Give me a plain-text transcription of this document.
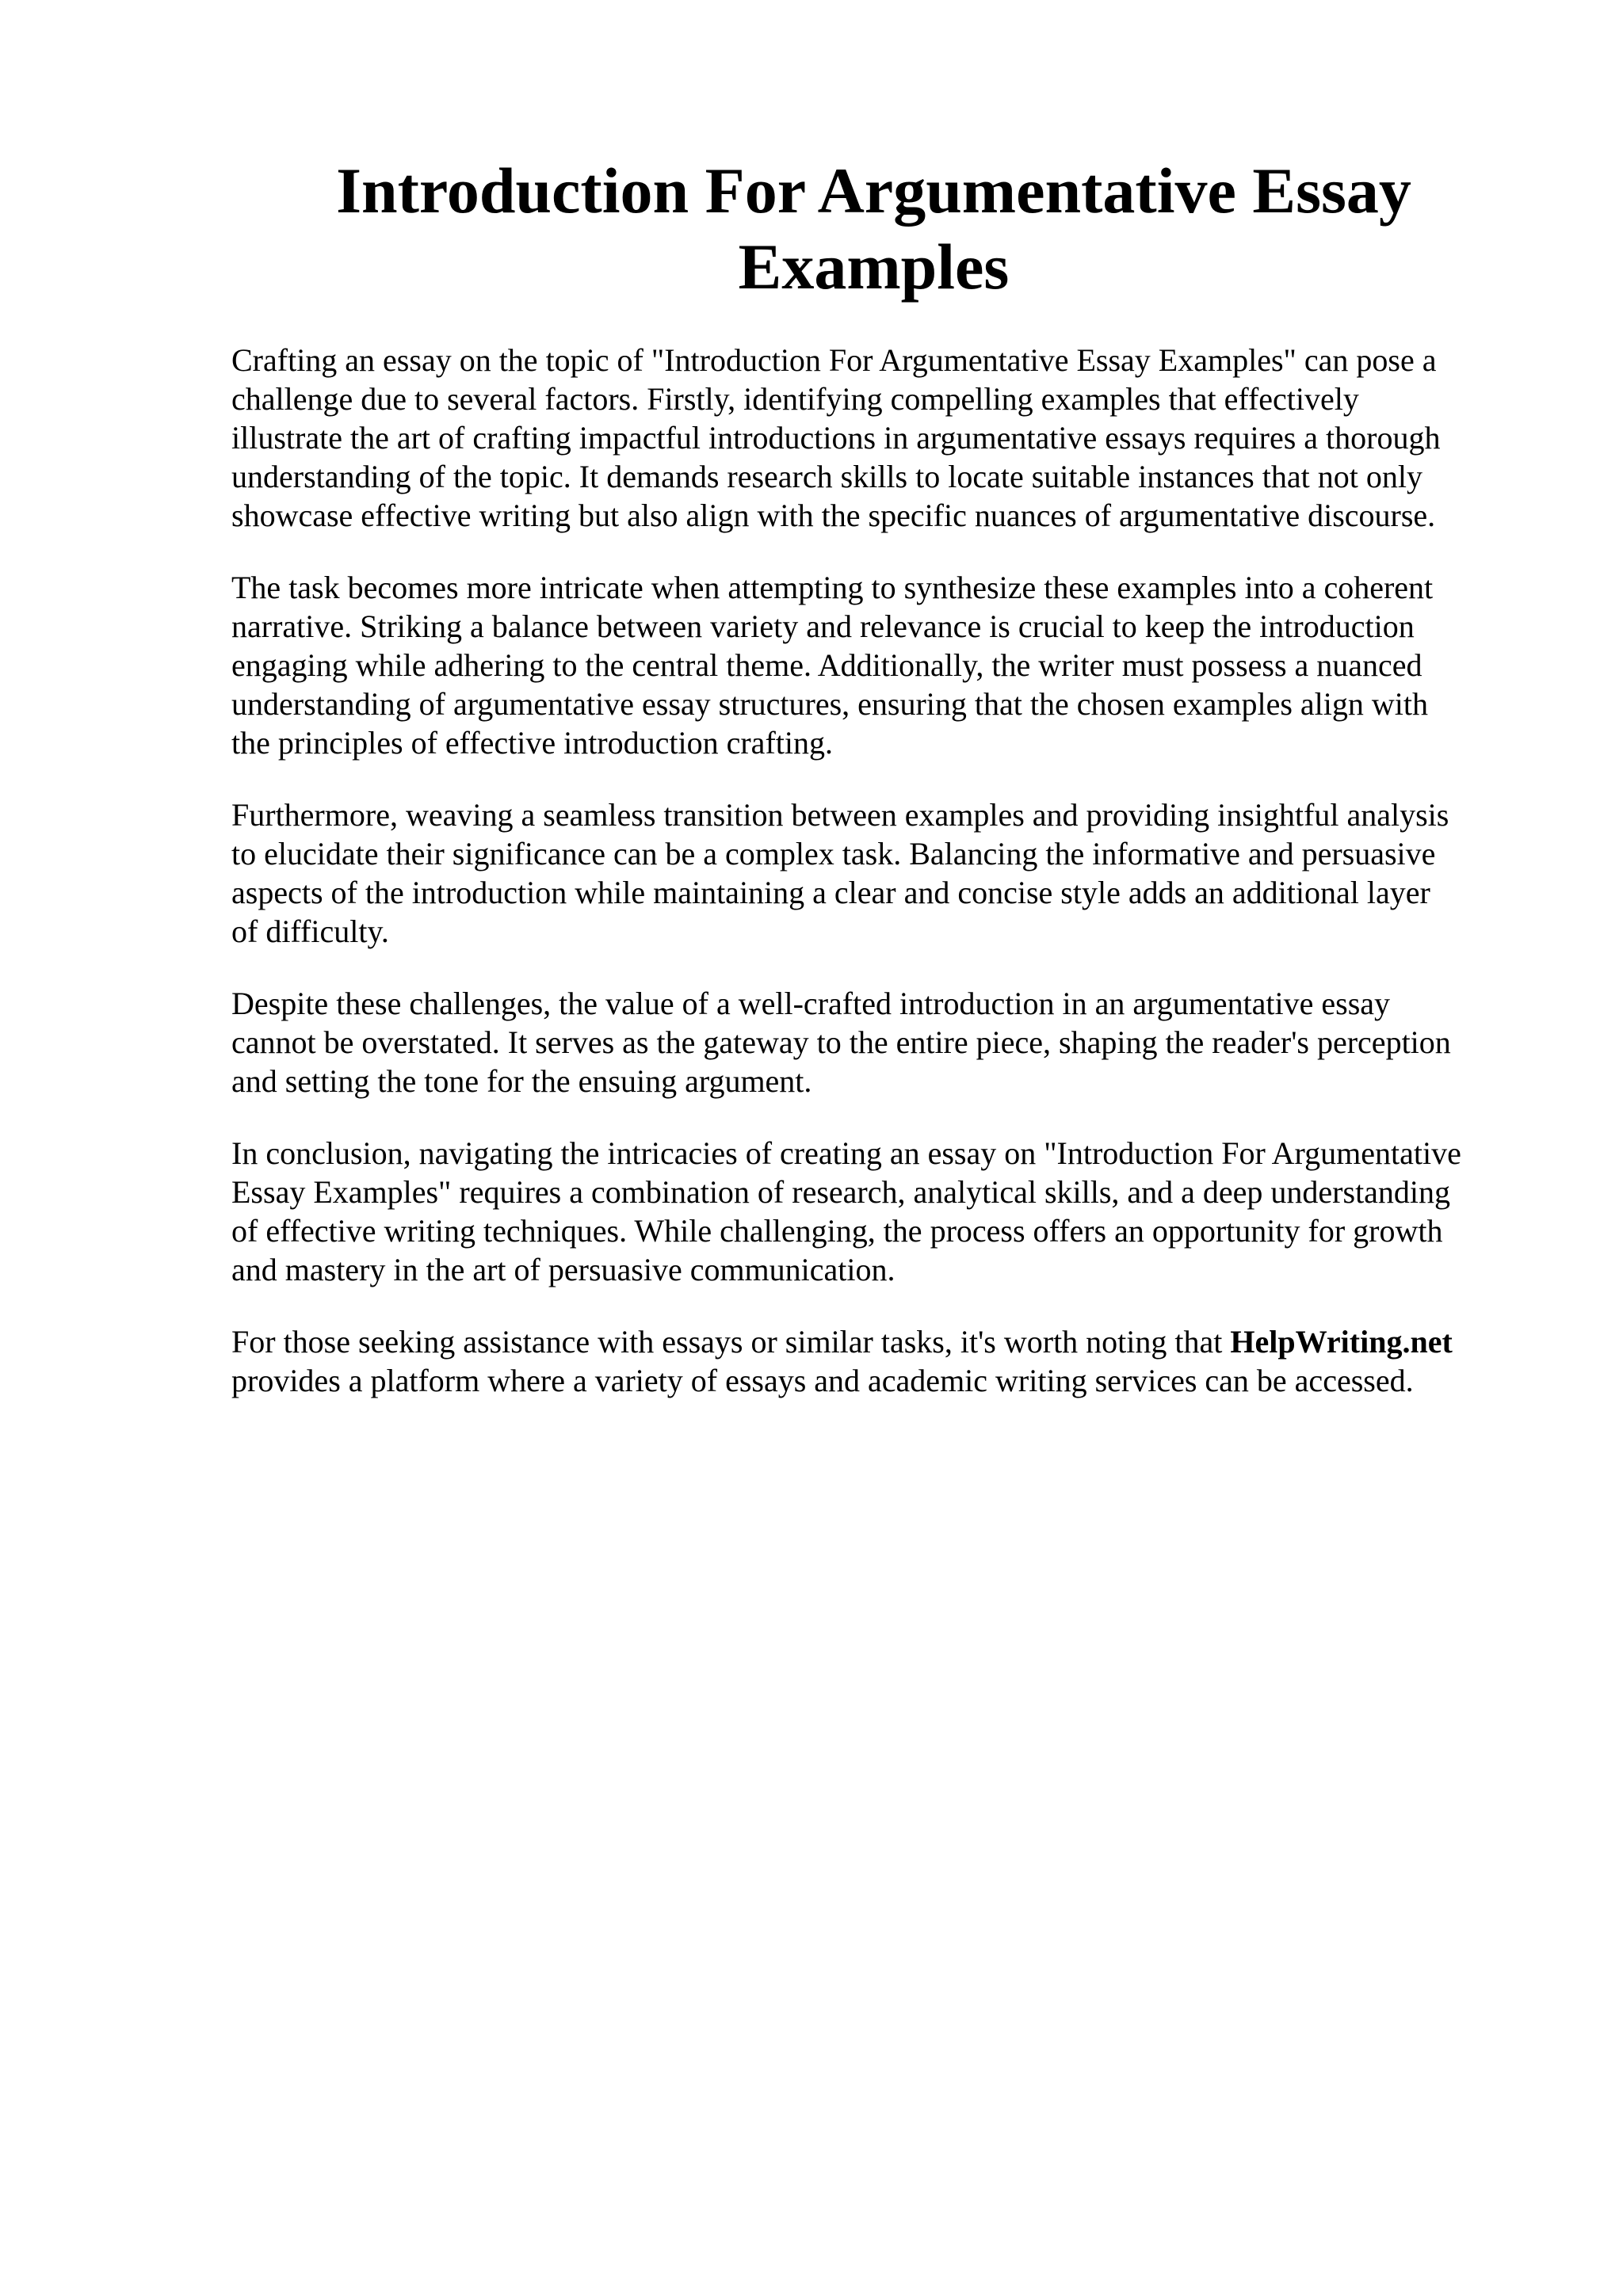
Introduction For Argumentative Essay
Examples

Crafting an essay on the topic of "Introduction For Argumentative Essay Examples" can pose a
challenge due to several factors. Firstly, identifying compelling examples that effectively
illustrate the art of crafting impactful introductions in argumentative essays requires a thorough
understanding of the topic. It demands research skills to locate suitable instances that not only
showcase effective writing but also align with the specific nuances of argumentative discourse.

The task becomes more intricate when attempting to synthesize these examples into a coherent
narrative. Striking a balance between variety and relevance is crucial to keep the introduction
engaging while adhering to the central theme. Additionally, the writer must possess a nuanced
understanding of argumentative essay structures, ensuring that the chosen examples align with
the principles of effective introduction crafting.

Furthermore, weaving a seamless transition between examples and providing insightful analysis
to elucidate their significance can be a complex task. Balancing the informative and persuasive
aspects of the introduction while maintaining a clear and concise style adds an additional layer
of difficulty.

Despite these challenges, the value of a well-crafted introduction in an argumentative essay
cannot be overstated. It serves as the gateway to the entire piece, shaping the reader's perception
and setting the tone for the ensuing argument.

In conclusion, navigating the intricacies of creating an essay on "Introduction For Argumentative
Essay Examples" requires a combination of research, analytical skills, and a deep understanding
of effective writing techniques. While challenging, the process offers an opportunity for growth
and mastery in the art of persuasive communication.

For those seeking assistance with essays or similar tasks, it's worth noting that HelpWriting.net
provides a platform where a variety of essays and academic writing services can be accessed.
